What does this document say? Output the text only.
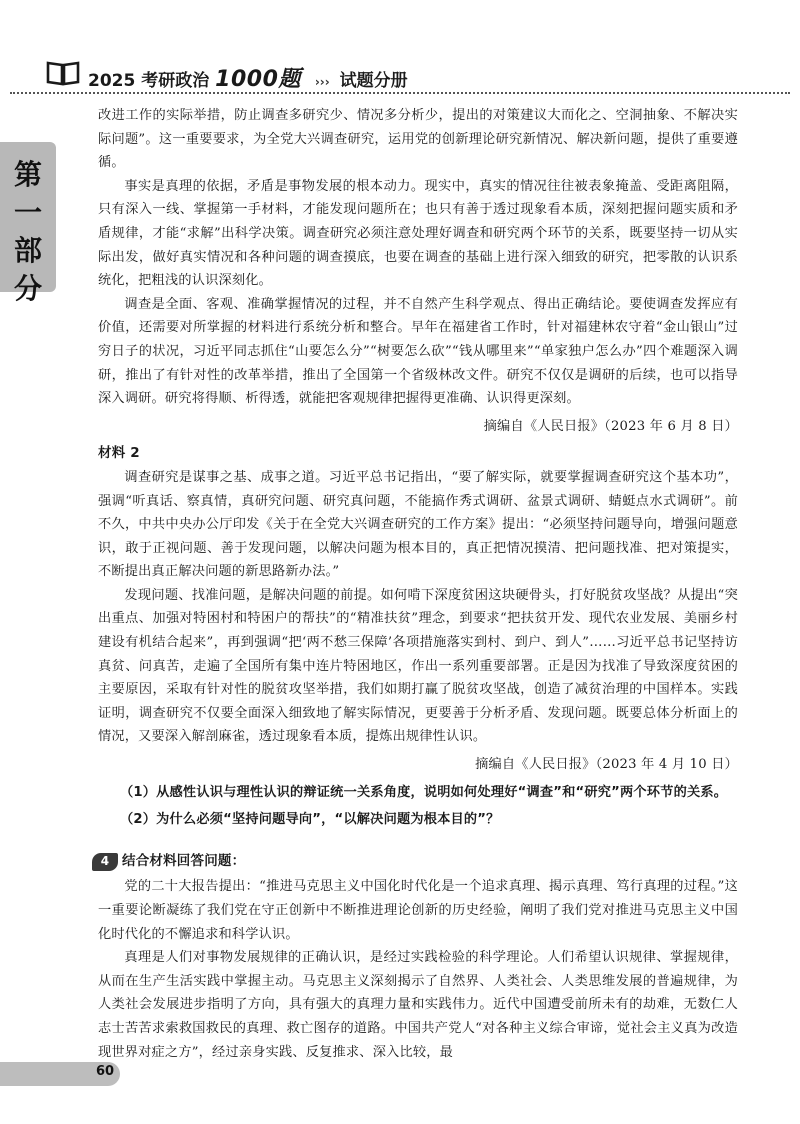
2025 考研政治 1000题 ››› 试题分册
第一部分

改进工作的实际举措，防止调查多研究少、情况多分析少，提出的对策建议大而化之、空洞抽象、不解决实际问题”。这一重要要求，为全党大兴调查研究，运用党的创新理论研究新情况、解决新问题，提供了重要遵循。

事实是真理的依据，矛盾是事物发展的根本动力。现实中，真实的情况往往被表象掩盖、受距离阻隔，只有深入一线、掌握第一手材料，才能发现问题所在；也只有善于透过现象看本质，深刻把握问题实质和矛盾规律，才能“求解”出科学决策。调查研究必须注意处理好调查和研究两个环节的关系，既要坚持一切从实际出发，做好真实情况和各种问题的调查摸底，也要在调查的基础上进行深入细致的研究，把零散的认识系统化，把粗浅的认识深刻化。

调查是全面、客观、准确掌握情况的过程，并不自然产生科学观点、得出正确结论。要使调查发挥应有价值，还需要对所掌握的材料进行系统分析和整合。早年在福建省工作时，针对福建林农守着“金山银山”过穷日子的状况，习近平同志抓住“山要怎么分”“树要怎么砍”“钱从哪里来”“单家独户怎么办”四个难题深入调研，推出了有针对性的改革举措，推出了全国第一个省级林改文件。研究不仅仅是调研的后续，也可以指导深入调研。研究将得顺、析得透，就能把客观规律把握得更准确、认识得更深刻。

摘编自《人民日报》（2023 年 6 月 8 日）

材料 2

调查研究是谋事之基、成事之道。习近平总书记指出，“要了解实际，就要掌握调查研究这个基本功”，强调“听真话、察真情，真研究问题、研究真问题，不能搞作秀式调研、盆景式调研、蜻蜓点水式调研”。前不久，中共中央办公厅印发《关于在全党大兴调查研究的工作方案》提出：“必须坚持问题导向，增强问题意识，敢于正视问题、善于发现问题，以解决问题为根本目的，真正把情况摸清、把问题找准、把对策提实，不断提出真正解决问题的新思路新办法。”

发现问题、找准问题，是解决问题的前提。如何啃下深度贫困这块硬骨头，打好脱贫攻坚战？从提出“突出重点、加强对特困村和特困户的帮扶”的“精准扶贫”理念，到要求“把扶贫开发、现代农业发展、美丽乡村建设有机结合起来”，再到强调“把‘两不愁三保障’各项措施落实到村、到户、到人”……习近平总书记坚持访真贫、问真苦，走遍了全国所有集中连片特困地区，作出一系列重要部署。正是因为找准了导致深度贫困的主要原因，采取有针对性的脱贫攻坚举措，我们如期打赢了脱贫攻坚战，创造了减贫治理的中国样本。实践证明，调查研究不仅要全面深入细致地了解实际情况，更要善于分析矛盾、发现问题。既要总体分析面上的情况，又要深入解剖麻雀，透过现象看本质，提炼出规律性认识。

摘编自《人民日报》（2023 年 4 月 10 日）

（1）从感性认识与理性认识的辩证统一关系角度，说明如何处理好“调查”和“研究”两个环节的关系。

（2）为什么必须“坚持问题导向”，“以解决问题为根本目的”？

4 结合材料回答问题：

党的二十大报告提出：“推进马克思主义中国化时代化是一个追求真理、揭示真理、笃行真理的过程。”这一重要论断凝练了我们党在守正创新中不断推进理论创新的历史经验，阐明了我们党对推进马克思主义中国化时代化的不懈追求和科学认识。

真理是人们对事物发展规律的正确认识，是经过实践检验的科学理论。人们希望认识规律、掌握规律，从而在生产生活实践中掌握主动。马克思主义深刻揭示了自然界、人类社会、人类思维发展的普遍规律，为人类社会发展进步指明了方向，具有强大的真理力量和实践伟力。近代中国遭受前所未有的劫难，无数仁人志士苦苦求索救国救民的真理、救亡图存的道路。中国共产党人“对各种主义综合审谛，觉社会主义真为改造现世界对症之方”，经过亲身实践、反复推求、深入比较，最

60
